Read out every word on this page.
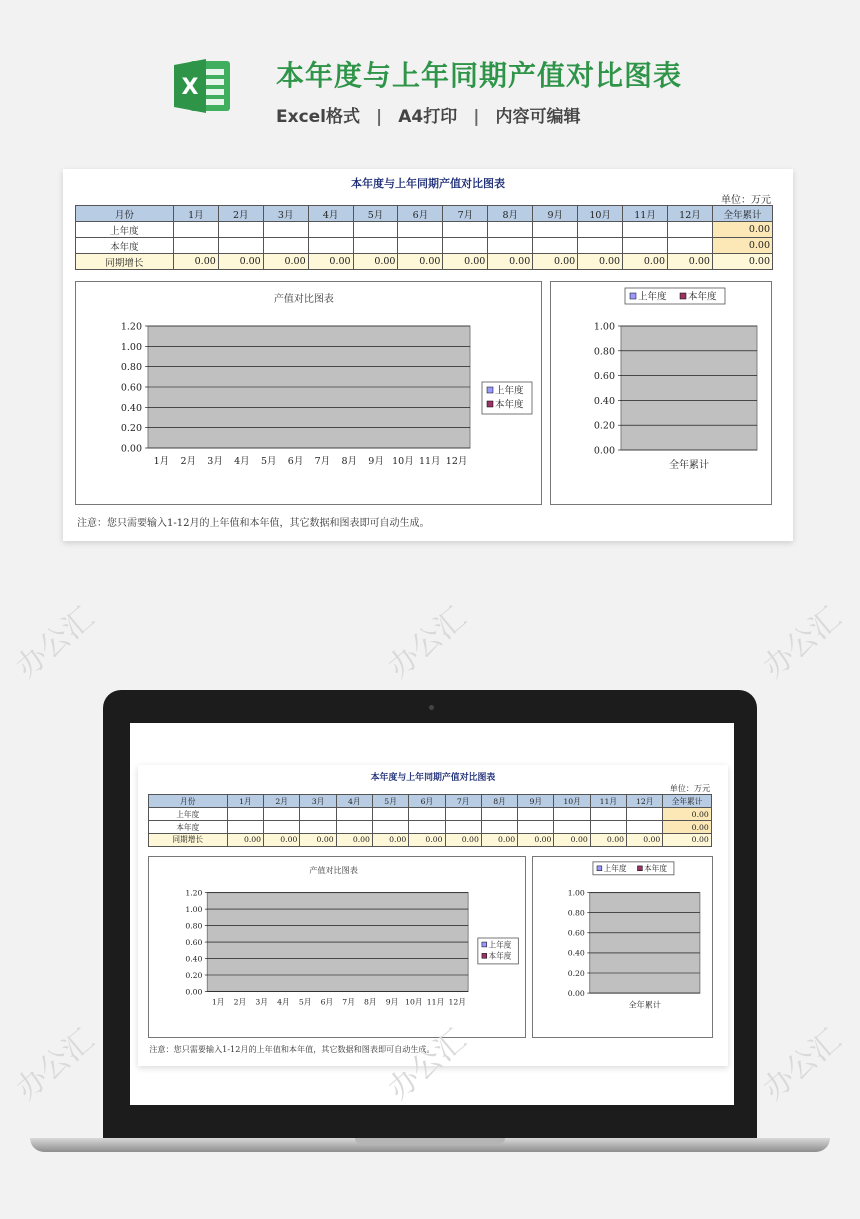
X	本年度与上年同期产值对比图表
Excel格式 | A4打印 | 内容可编辑
本年度与上年同期产值对比图表
单位：万元
月份	1月	2月	3月	4月	5月	6月	7月	8月	9月	10月	11月	12月	全年累计
上年度													0.00
本年度													0.00
同期增长	0.00	0.00	0.00	0.00	0.00	0.00	0.00	0.00	0.00	0.00	0.00	0.00	0.00
产值对比图表
0.00
0.20
0.40
0.60
0.80
1.00
1.20
1月 2月 3月 4月 5月 6月 7月 8月 9月 10月 11月 12月
上年度
本年度
上年度 本年度
0.00
0.20
0.40
0.60
0.80
1.00
全年累计
注意：您只需要输入1-12月的上年值和本年值，其它数据和图表即可自动生成。
办公汇	办公汇	办公汇
本年度与上年同期产值对比图表
单位：万元
月份	1月	2月	3月	4月	5月	6月	7月	8月	9月	10月	11月	12月	全年累计
上年度													0.00
本年度													0.00
同期增长	0.00	0.00	0.00	0.00	0.00	0.00	0.00	0.00	0.00	0.00	0.00	0.00	0.00
产值对比图表
0.00
0.20
0.40
0.60
0.80
1.00
1.20
1月 2月 3月 4月 5月 6月 7月 8月 9月 10月 11月 12月
上年度
本年度
上年度 本年度
0.00
0.20
0.40
0.60
0.80
1.00
全年累计
注意：您只需要输入1-12月的上年值和本年值，其它数据和图表即可自动生成。
办公汇	办公汇	办公汇
